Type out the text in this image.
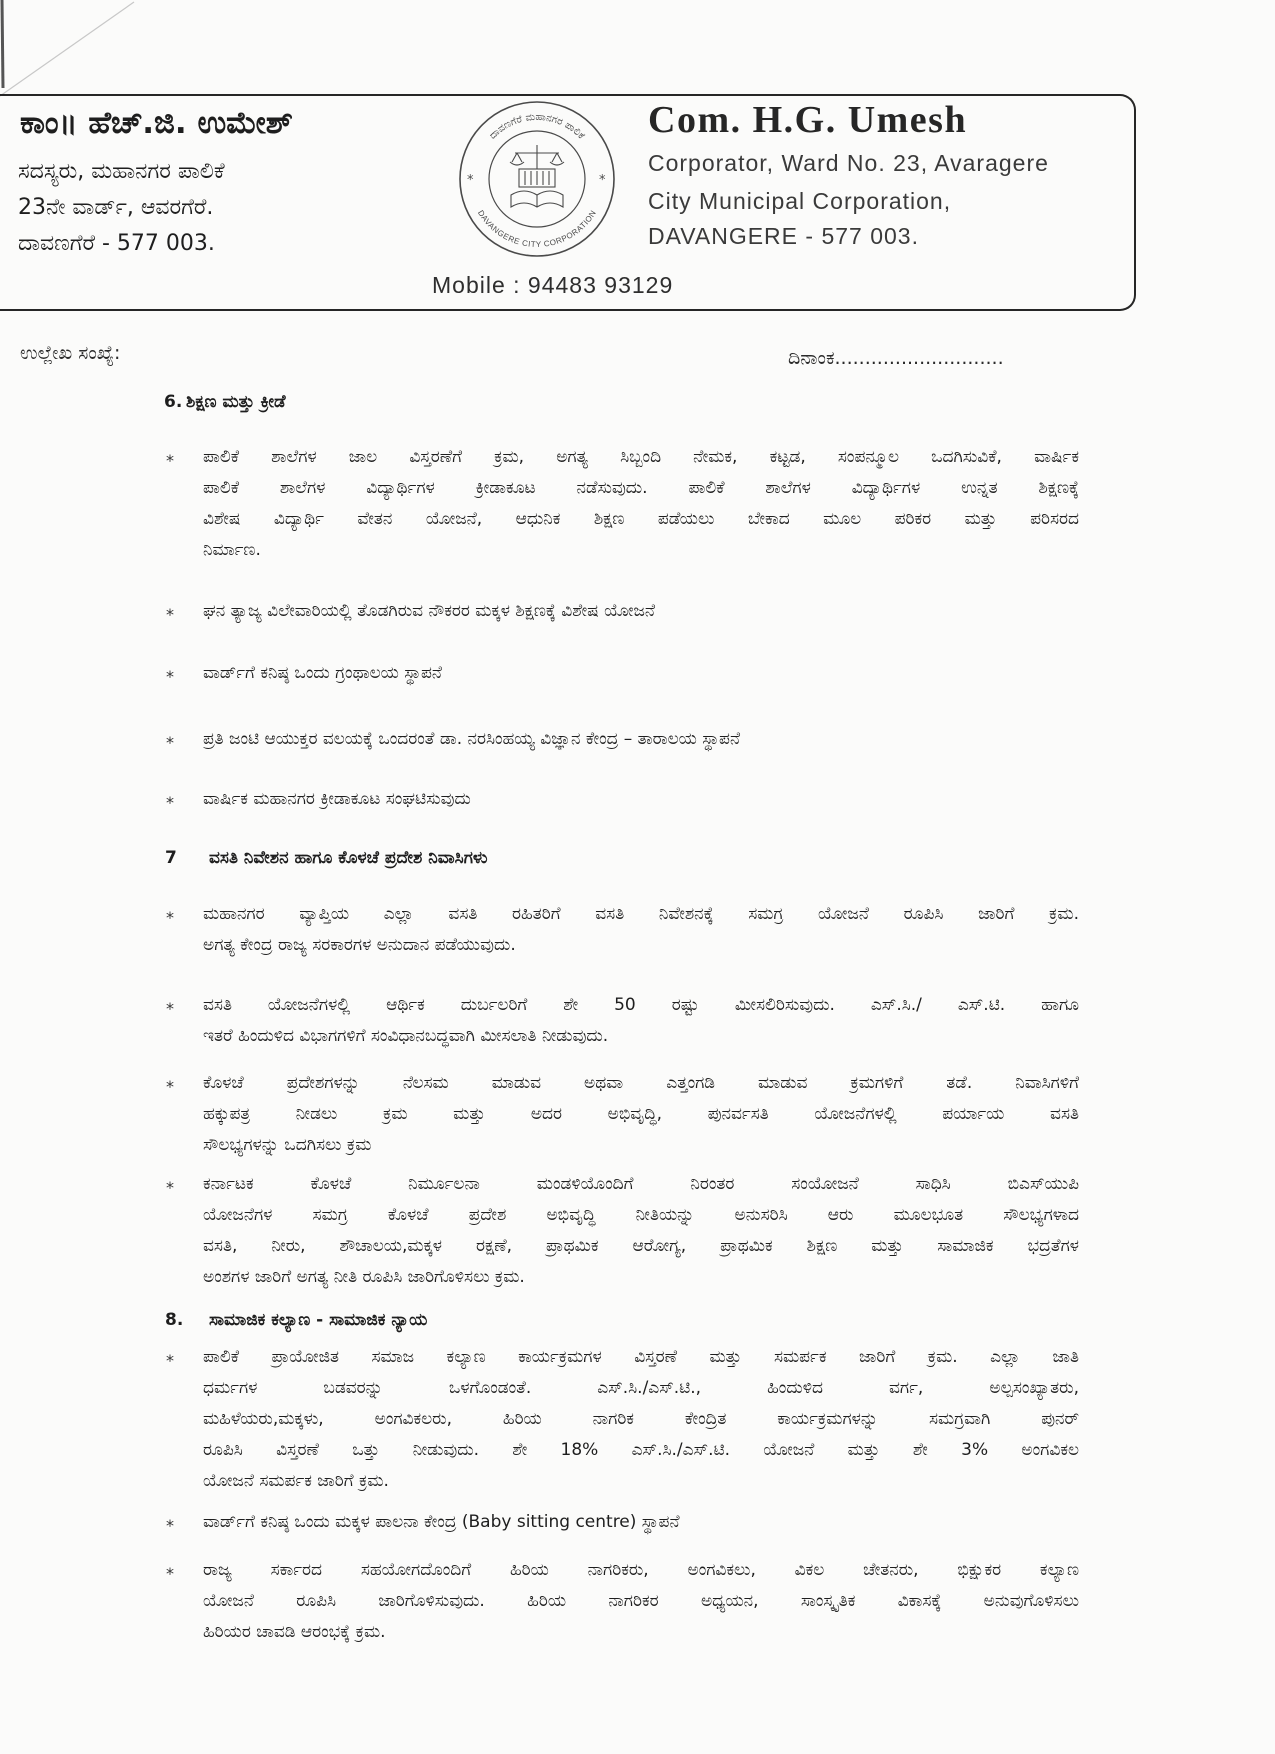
ಕಾಂ॥ ಹೆಚ್.ಜಿ. ಉಮೇಶ್
ಸದಸ್ಯರು, ಮಹಾನಗರ ಪಾಲಿಕೆ
23ನೇ ವಾರ್ಡ್, ಆವರಗೆರೆ.
ದಾವಣಗೆರೆ - 577 003.
ದಾವಣಗೆರೆ ಮಹಾನಗರ ಪಾಲಿಕೆ
DAVANGERE CITY CORPORATION
*	*
Com. H.G. Umesh
Corporator, Ward No. 23, Avaragere
City Municipal Corporation,
DAVANGERE - 577 003.
Mobile : 94483 93129
ಉಲ್ಲೇಖ ಸಂಖ್ಯೆ:	ದಿನಾಂಕ............................
6. ಶಿಕ್ಷಣ ಮತ್ತು ಕ್ರೀಡೆ
* ಪಾಲಿಕೆ ಶಾಲೆಗಳ ಜಾಲ ವಿಸ್ತರಣೆಗೆ ಕ್ರಮ, ಅಗತ್ಯ ಸಿಬ್ಬಂದಿ ನೇಮಕ, ಕಟ್ಟಡ, ಸಂಪನ್ಮೂಲ ಒದಗಿಸುವಿಕೆ, ವಾರ್ಷಿಕ
ಪಾಲಿಕೆ ಶಾಲೆಗಳ ವಿದ್ಯಾರ್ಥಿಗಳ ಕ್ರೀಡಾಕೂಟ ನಡೆಸುವುದು. ಪಾಲಿಕೆ ಶಾಲೆಗಳ ವಿದ್ಯಾರ್ಥಿಗಳ ಉನ್ನತ ಶಿಕ್ಷಣಕ್ಕೆ
ವಿಶೇಷ ವಿದ್ಯಾರ್ಥಿ ವೇತನ ಯೋಜನೆ, ಆಧುನಿಕ ಶಿಕ್ಷಣ ಪಡೆಯಲು ಬೇಕಾದ ಮೂಲ ಪರಿಕರ ಮತ್ತು ಪರಿಸರದ
ನಿರ್ಮಾಣ.
* ಘನ ತ್ಯಾಜ್ಯ ವಿಲೇವಾರಿಯಲ್ಲಿ ತೊಡಗಿರುವ ನೌಕರರ ಮಕ್ಕಳ ಶಿಕ್ಷಣಕ್ಕೆ ವಿಶೇಷ ಯೋಜನೆ
* ವಾರ್ಡ್‌ಗೆ ಕನಿಷ್ಠ ಒಂದು ಗ್ರಂಥಾಲಯ ಸ್ಥಾಪನೆ
* ಪ್ರತಿ ಜಂಟಿ ಆಯುಕ್ತರ ವಲಯಕ್ಕೆ ಒಂದರಂತೆ ಡಾ. ನರಸಿಂಹಯ್ಯ ವಿಜ್ಞಾನ ಕೇಂದ್ರ – ತಾರಾಲಯ ಸ್ಥಾಪನೆ
* ವಾರ್ಷಿಕ ಮಹಾನಗರ ಕ್ರೀಡಾಕೂಟ ಸಂಘಟಿಸುವುದು
7 ವಸತಿ ನಿವೇಶನ ಹಾಗೂ ಕೊಳಚೆ ಪ್ರದೇಶ ನಿವಾಸಿಗಳು
* ಮಹಾನಗರ ವ್ಯಾಪ್ತಿಯ ಎಲ್ಲಾ ವಸತಿ ರಹಿತರಿಗೆ ವಸತಿ ನಿವೇಶನಕ್ಕೆ ಸಮಗ್ರ ಯೋಜನೆ ರೂಪಿಸಿ ಜಾರಿಗೆ ಕ್ರಮ.
ಅಗತ್ಯ ಕೇಂದ್ರ ರಾಜ್ಯ ಸರಕಾರಗಳ ಅನುದಾನ ಪಡೆಯುವುದು.
* ವಸತಿ ಯೋಜನೆಗಳಲ್ಲಿ ಆರ್ಥಿಕ ದುರ್ಬಲರಿಗೆ ಶೇ 50 ರಷ್ಟು ಮೀಸಲಿರಿಸುವುದು. ಎಸ್.ಸಿ./ ಎಸ್.ಟಿ. ಹಾಗೂ
ಇತರೆ ಹಿಂದುಳಿದ ವಿಭಾಗಗಳಿಗೆ ಸಂವಿಧಾನಬದ್ಧವಾಗಿ ಮೀಸಲಾತಿ ನೀಡುವುದು.
* ಕೊಳಚೆ ಪ್ರದೇಶಗಳನ್ನು ನೆಲಸಮ ಮಾಡುವ ಅಥವಾ ಎತ್ತಂಗಡಿ ಮಾಡುವ ಕ್ರಮಗಳಿಗೆ ತಡೆ. ನಿವಾಸಿಗಳಿಗೆ
ಹಕ್ಕುಪತ್ರ ನೀಡಲು ಕ್ರಮ ಮತ್ತು ಅದರ ಅಭಿವೃದ್ಧಿ, ಪುನರ್ವಸತಿ ಯೋಜನೆಗಳಲ್ಲಿ ಪರ್ಯಾಯ ವಸತಿ
ಸೌಲಭ್ಯಗಳನ್ನು ಒದಗಿಸಲು ಕ್ರಮ
* ಕರ್ನಾಟಕ ಕೊಳಚೆ ನಿರ್ಮೂಲನಾ ಮಂಡಳಿಯೊಂದಿಗೆ ನಿರಂತರ ಸಂಯೋಜನೆ ಸಾಧಿಸಿ ಬಿಎಸ್‌ಯುಪಿ
ಯೋಜನೆಗಳ ಸಮಗ್ರ ಕೊಳಚೆ ಪ್ರದೇಶ ಅಭಿವೃದ್ಧಿ ನೀತಿಯನ್ನು ಅನುಸರಿಸಿ ಆರು ಮೂಲಭೂತ ಸೌಲಭ್ಯಗಳಾದ
ವಸತಿ, ನೀರು, ಶೌಚಾಲಯ,ಮಕ್ಕಳ ರಕ್ಷಣೆ, ಪ್ರಾಥಮಿಕ ಆರೋಗ್ಯ, ಪ್ರಾಥಮಿಕ ಶಿಕ್ಷಣ ಮತ್ತು ಸಾಮಾಜಿಕ ಭದ್ರತೆಗಳ
ಅಂಶಗಳ ಜಾರಿಗೆ ಅಗತ್ಯ ನೀತಿ ರೂಪಿಸಿ ಜಾರಿಗೊಳಿಸಲು ಕ್ರಮ.
8. ಸಾಮಾಜಿಕ ಕಲ್ಯಾಣ - ಸಾಮಾಜಿಕ ನ್ಯಾಯ
* ಪಾಲಿಕೆ ಪ್ರಾಯೋಜಿತ ಸಮಾಜ ಕಲ್ಯಾಣ ಕಾರ್ಯಕ್ರಮಗಳ ವಿಸ್ತರಣೆ ಮತ್ತು ಸಮರ್ಪಕ ಜಾರಿಗೆ ಕ್ರಮ. ಎಲ್ಲಾ ಜಾತಿ
ಧರ್ಮಗಳ ಬಡವರನ್ನು ಒಳಗೊಂಡಂತೆ. ಎಸ್.ಸಿ./ಎಸ್.ಟಿ., ಹಿಂದುಳಿದ ವರ್ಗ, ಅಲ್ಪಸಂಖ್ಯಾತರು,
ಮಹಿಳೆಯರು,ಮಕ್ಕಳು, ಅಂಗವಿಕಲರು, ಹಿರಿಯ ನಾಗರಿಕ ಕೇಂದ್ರಿತ ಕಾರ್ಯಕ್ರಮಗಳನ್ನು ಸಮಗ್ರವಾಗಿ ಪುನರ್
ರೂಪಿಸಿ ವಿಸ್ತರಣೆ ಒತ್ತು ನೀಡುವುದು. ಶೇ 18% ಎಸ್.ಸಿ./ಎಸ್.ಟಿ. ಯೋಜನೆ ಮತ್ತು ಶೇ 3% ಅಂಗವಿಕಲ
ಯೋಜನೆ ಸಮರ್ಪಕ ಜಾರಿಗೆ ಕ್ರಮ.
* ವಾರ್ಡ್‌ಗೆ ಕನಿಷ್ಠ ಒಂದು ಮಕ್ಕಳ ಪಾಲನಾ ಕೇಂದ್ರ (Baby sitting centre) ಸ್ಥಾಪನೆ
* ರಾಜ್ಯ ಸರ್ಕಾರದ ಸಹಯೋಗದೊಂದಿಗೆ ಹಿರಿಯ ನಾಗರಿಕರು, ಅಂಗವಿಕಲು, ವಿಕಲ ಚೇತನರು, ಭಿಕ್ಷುಕರ ಕಲ್ಯಾಣ
ಯೋಜನೆ ರೂಪಿಸಿ ಜಾರಿಗೊಳಿಸುವುದು. ಹಿರಿಯ ನಾಗರಿಕರ ಅಧ್ಯಯನ, ಸಾಂಸ್ಕೃತಿಕ ವಿಕಾಸಕ್ಕೆ ಅನುವುಗೊಳಿಸಲು
ಹಿರಿಯರ ಚಾವಡಿ ಆರಂಭಕ್ಕೆ ಕ್ರಮ.
